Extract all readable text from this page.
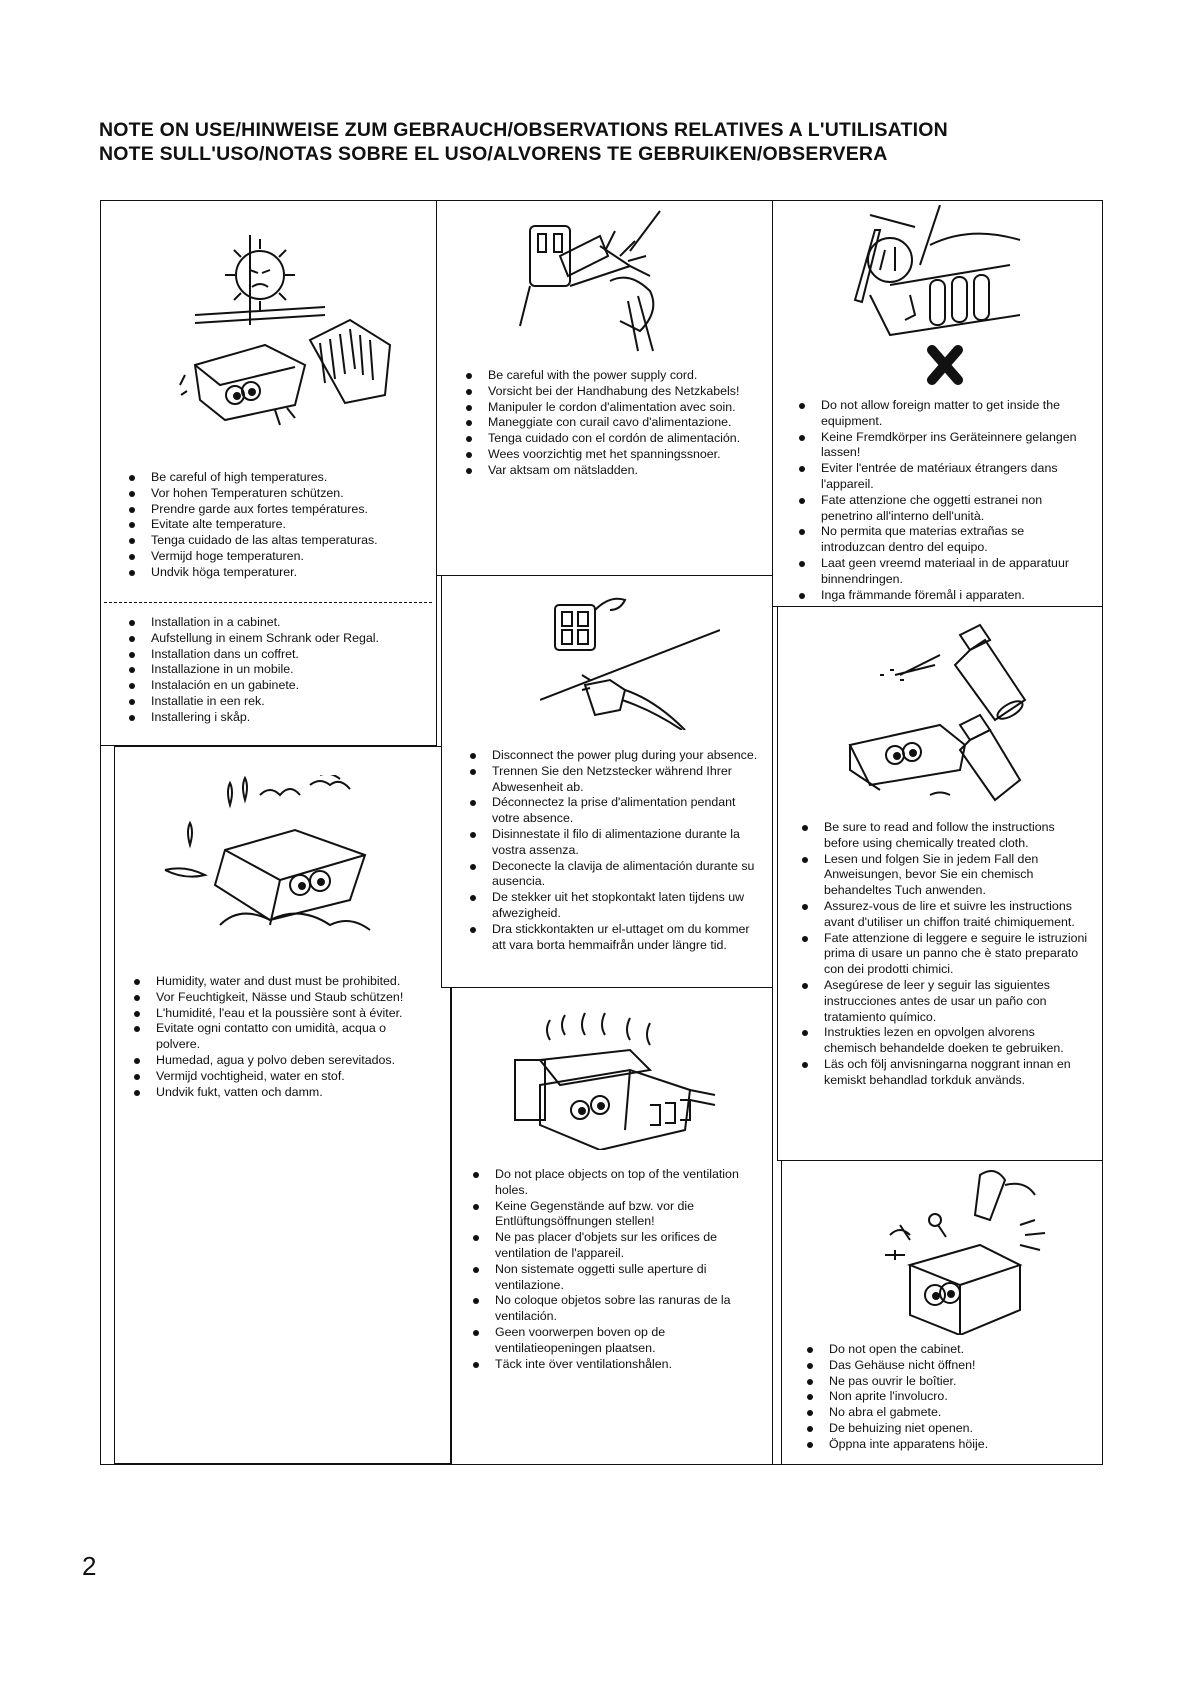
NOTE ON USE/HINWEISE ZUM GEBRAUCH/OBSERVATIONS RELATIVES A L'UTILISATION
NOTE SULL'USO/NOTAS SOBRE EL USO/ALVORENS TE GEBRUIKEN/OBSERVERA
Be careful of high temperatures.
Vor hohen Temperaturen schützen.
Prendre garde aux fortes températures.
Evitate alte temperature.
Tenga cuidado de las altas temperaturas.
Vermijd hoge temperaturen.
Undvik höga temperaturer.
Installation in a cabinet.
Aufstellung in einem Schrank oder Regal.
Installation dans un coffret.
Installazione in un mobile.
Instalación en un gabinete.
Installatie in een rek.
Installering i skåp.
Humidity, water and dust must be prohibited.
Vor Feuchtigkeit, Nässe und Staub schützen!
L'humidité, l'eau et la poussière sont à éviter.
Evitate ogni contatto con umidità, acqua o polvere.
Humedad, agua y polvo deben serevitados.
Vermijd vochtigheid, water en stof.
Undvik fukt, vatten och damm.
Be careful with the power supply cord.
Vorsicht bei der Handhabung des Netzkabels!
Manipuler le cordon d'alimentation avec soin.
Maneggiate con curail cavo d'alimentazione.
Tenga cuidado con el cordón de alimentación.
Wees voorzichtig met het spanningssnoer.
Var aktsam om nätsladden.
Disconnect the power plug during your absence.
Trennen Sie den Netzstecker während Ihrer Abwesenheit ab.
Déconnectez la prise d'alimentation pendant votre absence.
Disinnestate il filo di alimentazione durante la vostra assenza.
Deconecte la clavija de alimentación durante su ausencia.
De stekker uit het stopkontakt laten tijdens uw afwezigheid.
Dra stickkontakten ur el-uttaget om du kommer att vara borta hemmaifrån under längre tid.
Do not place objects on top of the ventilation holes.
Keine Gegenstände auf bzw. vor die Entlüftungsöffnungen stellen!
Ne pas placer d'objets sur les orifices de ventilation de l'appareil.
Non sistemate oggetti sulle aperture di ventilazione.
No coloque objetos sobre las ranuras de la ventilación.
Geen voorwerpen boven op de ventilatieopeningen plaatsen.
Täck inte över ventilationshålen.
Do not allow foreign matter to get inside the equipment.
Keine Fremdkörper ins Geräteinnere gelangen lassen!
Eviter l'entrée de matériaux étrangers dans l'appareil.
Fate attenzione che oggetti estranei non penetrino all'interno dell'unità.
No permita que materias extrañas se introduzcan dentro del equipo.
Laat geen vreemd materiaal in de apparatuur binnendringen.
Inga främmande föremål i apparaten.
Be sure to read and follow the instructions before using chemically treated cloth.
Lesen und folgen Sie in jedem Fall den Anweisungen, bevor Sie ein chemisch behandeltes Tuch anwenden.
Assurez-vous de lire et suivre les instructions avant d'utiliser un chiffon traité chimiquement.
Fate attenzione di leggere e seguire le istruzioni prima di usare un panno che è stato preparato con dei prodotti chimici.
Asegúrese de leer y seguir las siguientes instrucciones antes de usar un paño con tratamiento químico.
Instrukties lezen en opvolgen alvorens chemisch behandelde doeken te gebruiken.
Läs och följ anvisningarna noggrant innan en kemiskt behandlad torkduk används.
Do not open the cabinet.
Das Gehäuse nicht öffnen!
Ne pas ouvrir le boîtier.
Non aprite l'involucro.
No abra el gabmete.
De behuizing niet openen.
Öppna inte apparatens höije.
2
